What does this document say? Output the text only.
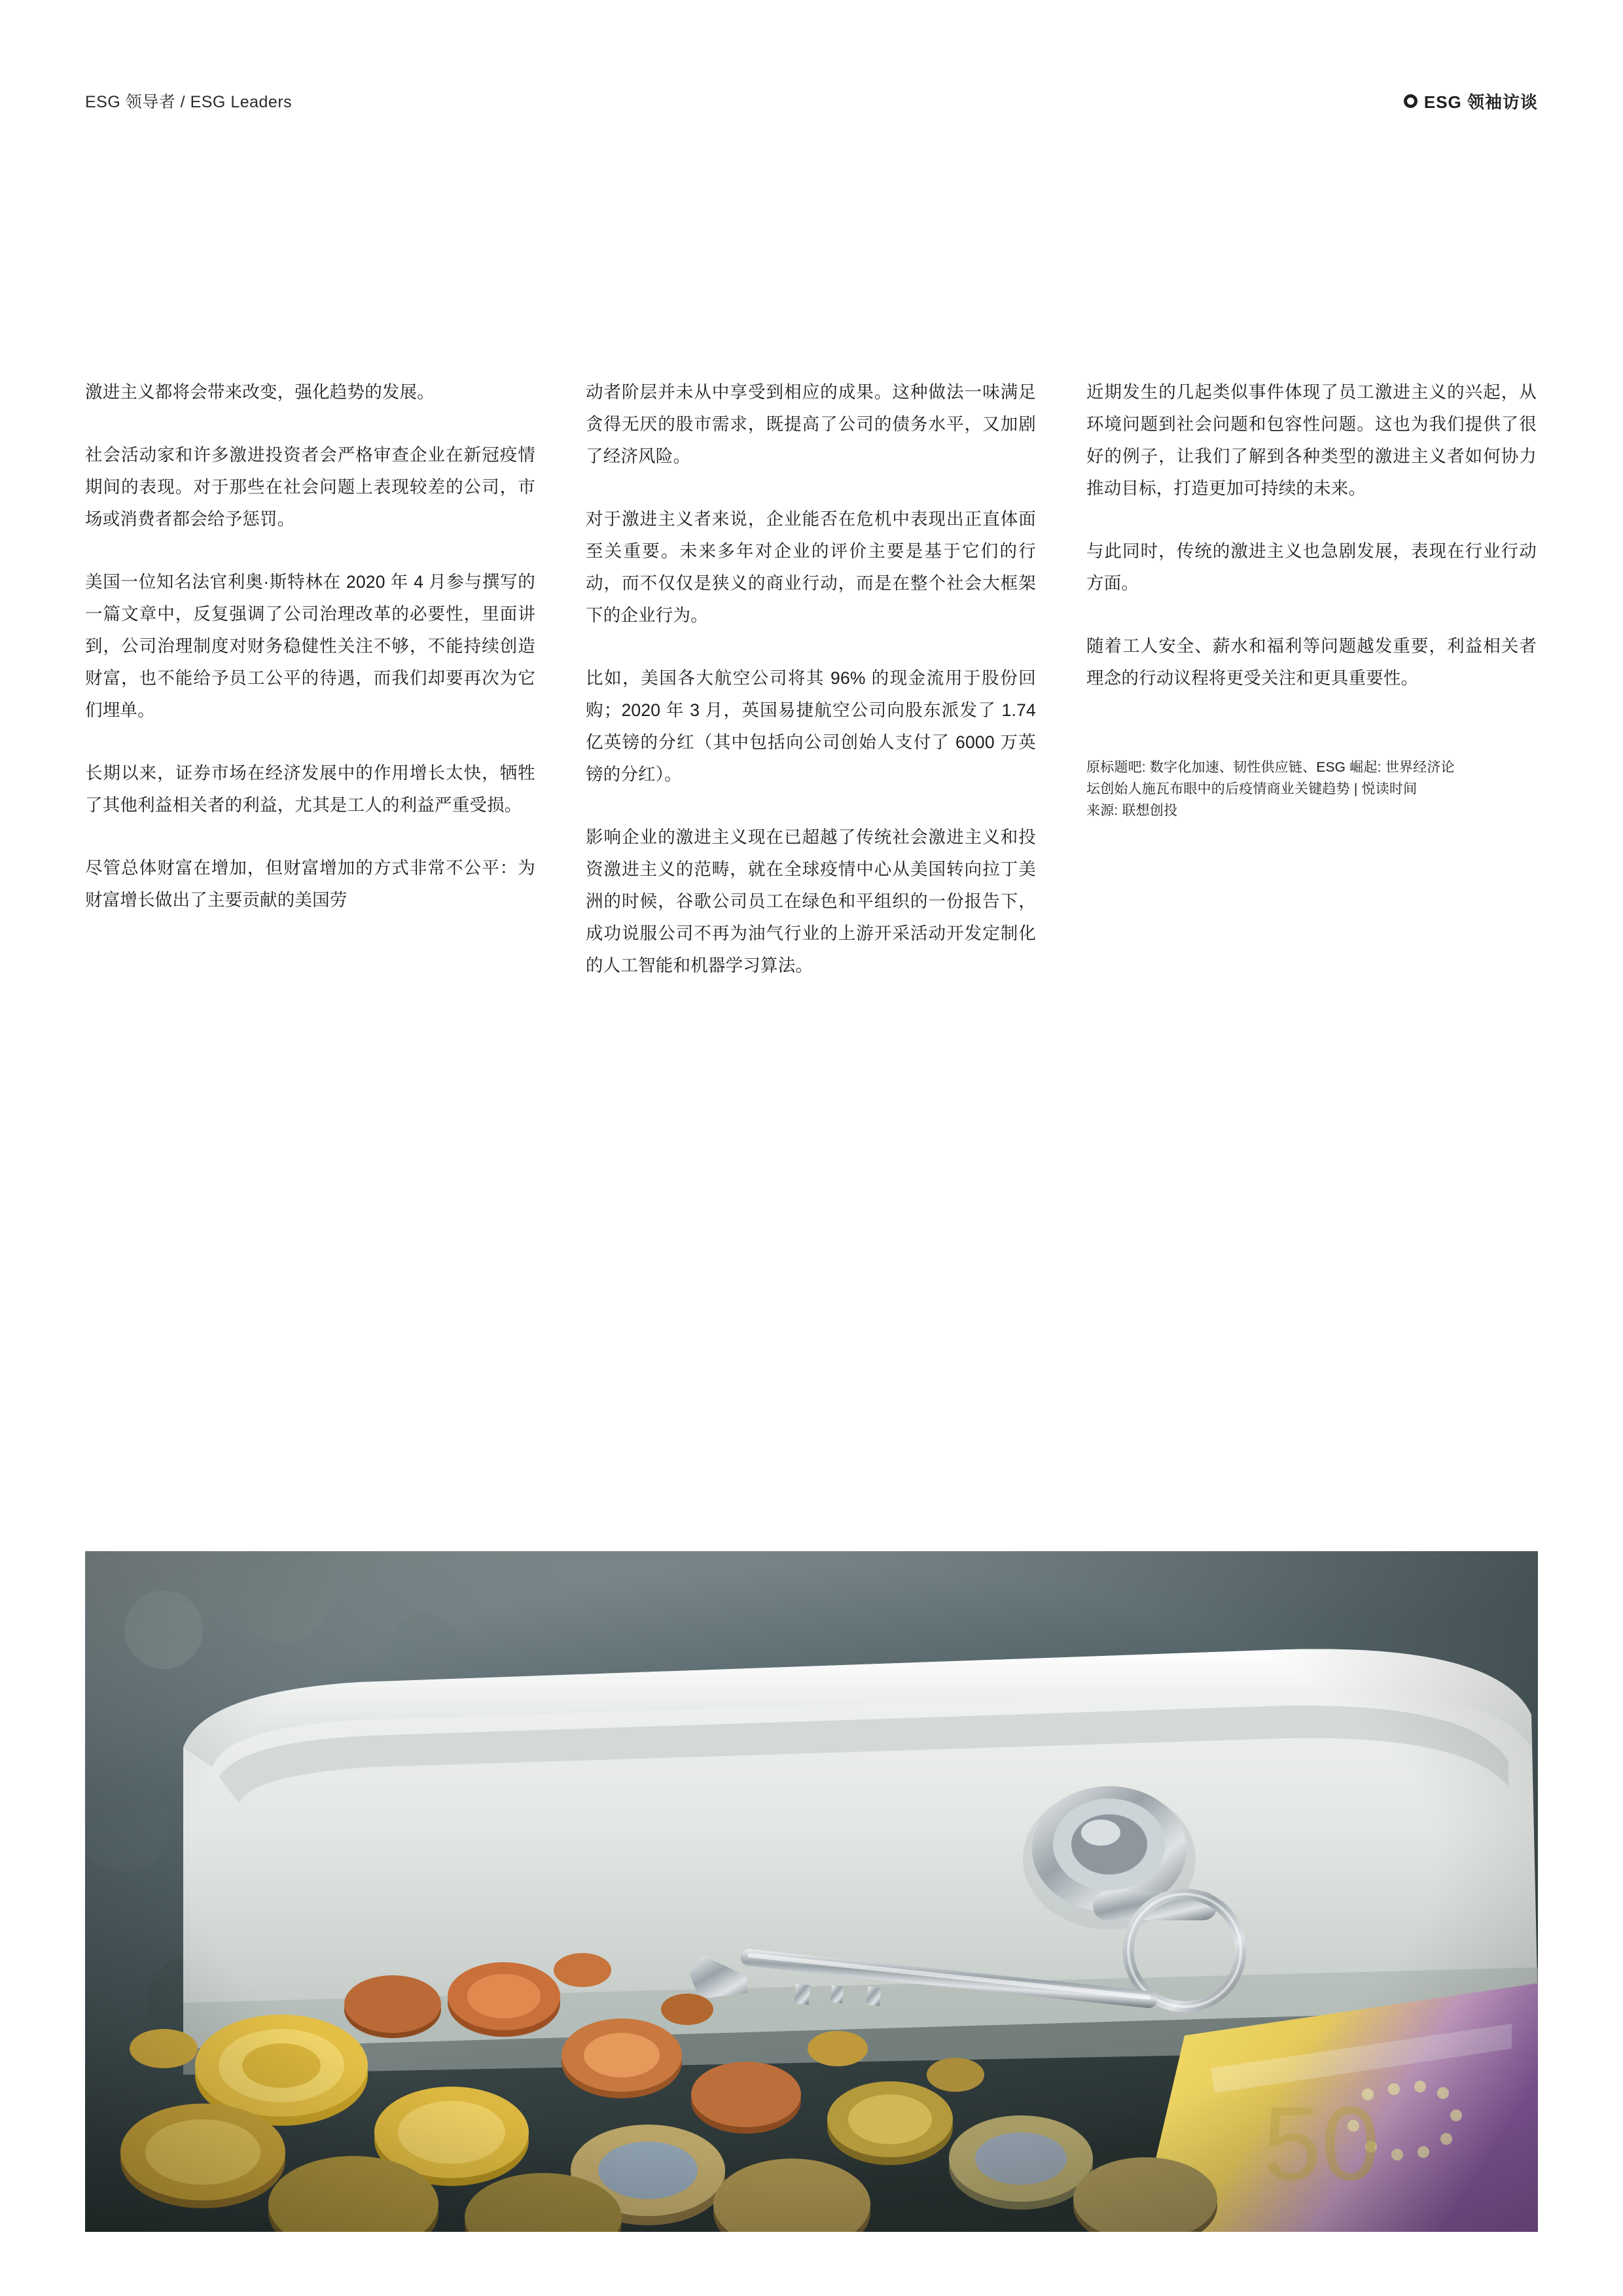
ESG 领导者 / ESG Leaders	ESG 领袖访谈

激进主义都将会带来改变，强化趋势的发展。

社会活动家和许多激进投资者会严格审查企业在新冠疫情期间的表现。对于那些在社会问题上表现较差的公司，市场或消费者都会给予惩罚。

美国一位知名法官利奥·斯特林在 2020 年 4 月参与撰写的一篇文章中，反复强调了公司治理改革的必要性，里面讲到，公司治理制度对财务稳健性关注不够，不能持续创造财富，也不能给予员工公平的待遇，而我们却要再次为它们埋单。

长期以来，证券市场在经济发展中的作用增长太快，牺牲了其他利益相关者的利益，尤其是工人的利益严重受损。

尽管总体财富在增加，但财富增加的方式非常不公平：为财富增长做出了主要贡献的美国劳

动者阶层并未从中享受到相应的成果。这种做法一味满足贪得无厌的股市需求，既提高了公司的债务水平，又加剧了经济风险。

对于激进主义者来说，企业能否在危机中表现出正直体面至关重要。未来多年对企业的评价主要是基于它们的行动，而不仅仅是狭义的商业行动，而是在整个社会大框架下的企业行为。

比如，美国各大航空公司将其 96% 的现金流用于股份回购；2020 年 3 月，英国易捷航空公司向股东派发了 1.74 亿英镑的分红（其中包括向公司创始人支付了 6000 万英镑的分红）。

影响企业的激进主义现在已超越了传统社会激进主义和投资激进主义的范畴，就在全球疫情中心从美国转向拉丁美洲的时候，谷歌公司员工在绿色和平组织的一份报告下，成功说服公司不再为油气行业的上游开采活动开发定制化的人工智能和机器学习算法。

近期发生的几起类似事件体现了员工激进主义的兴起，从环境问题到社会问题和包容性问题。这也为我们提供了很好的例子，让我们了解到各种类型的激进主义者如何协力推动目标，打造更加可持续的未来。

与此同时，传统的激进主义也急剧发展，表现在行业行动方面。

随着工人安全、薪水和福利等问题越发重要，利益相关者理念的行动议程将更受关注和更具重要性。

原标题吧: 数字化加速、韧性供应链、ESG 崛起: 世界经济论
坛创始人施瓦布眼中的后疫情商业关键趋势 | 悦读时间
来源: 联想创投
